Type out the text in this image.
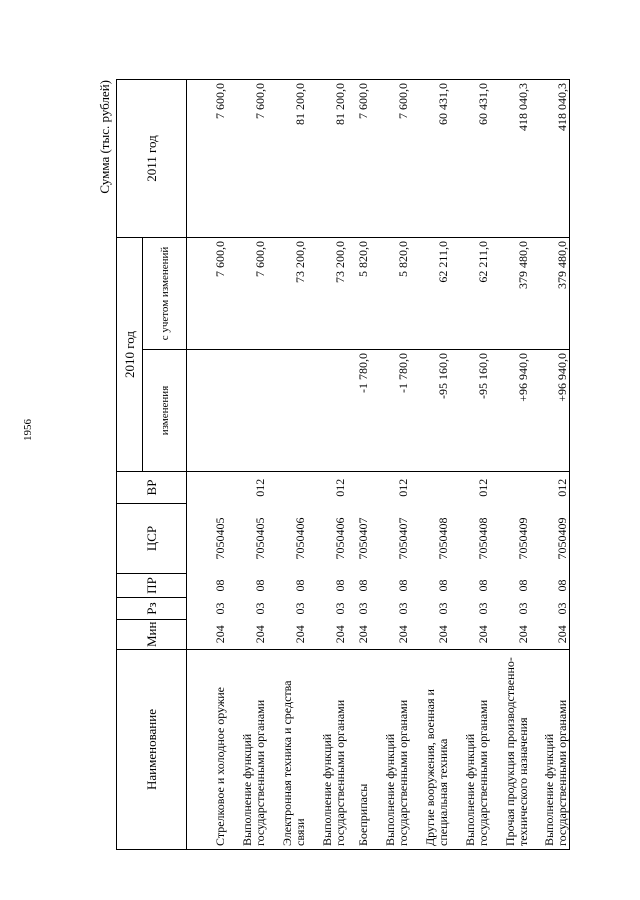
1956
Сумма (тыс. рублей)
Наименование	Мин	Рз	ПР	ЦСР	ВР	2010 год		2011 год
						изменения	с учетом изменений	
Стрелковое и холодное оружие	204	03	08	7050405			7 600,0	7 600,0
Выполнение функций государственными органами	204	03	08	7050405	012		7 600,0	7 600,0
Электронная техника и средства связи	204	03	08	7050406			73 200,0	81 200,0
Выполнение функций государственными органами	204	03	08	7050406	012		73 200,0	81 200,0
Боеприпасы	204	03	08	7050407		-1 780,0	5 820,0	7 600,0
Выполнение функций государственными органами	204	03	08	7050407	012	-1 780,0	5 820,0	7 600,0
Другие вооружения, военная и специальная техника	204	03	08	7050408		-95 160,0	62 211,0	60 431,0
Выполнение функций государственными органами	204	03	08	7050408	012	-95 160,0	62 211,0	60 431,0
Прочая продукция производственно-технического назначения	204	03	08	7050409		+96 940,0	379 480,0	418 040,3
Выполнение функций государственными органами	204	03	08	7050409	012	+96 940,0	379 480,0	418 040,3
